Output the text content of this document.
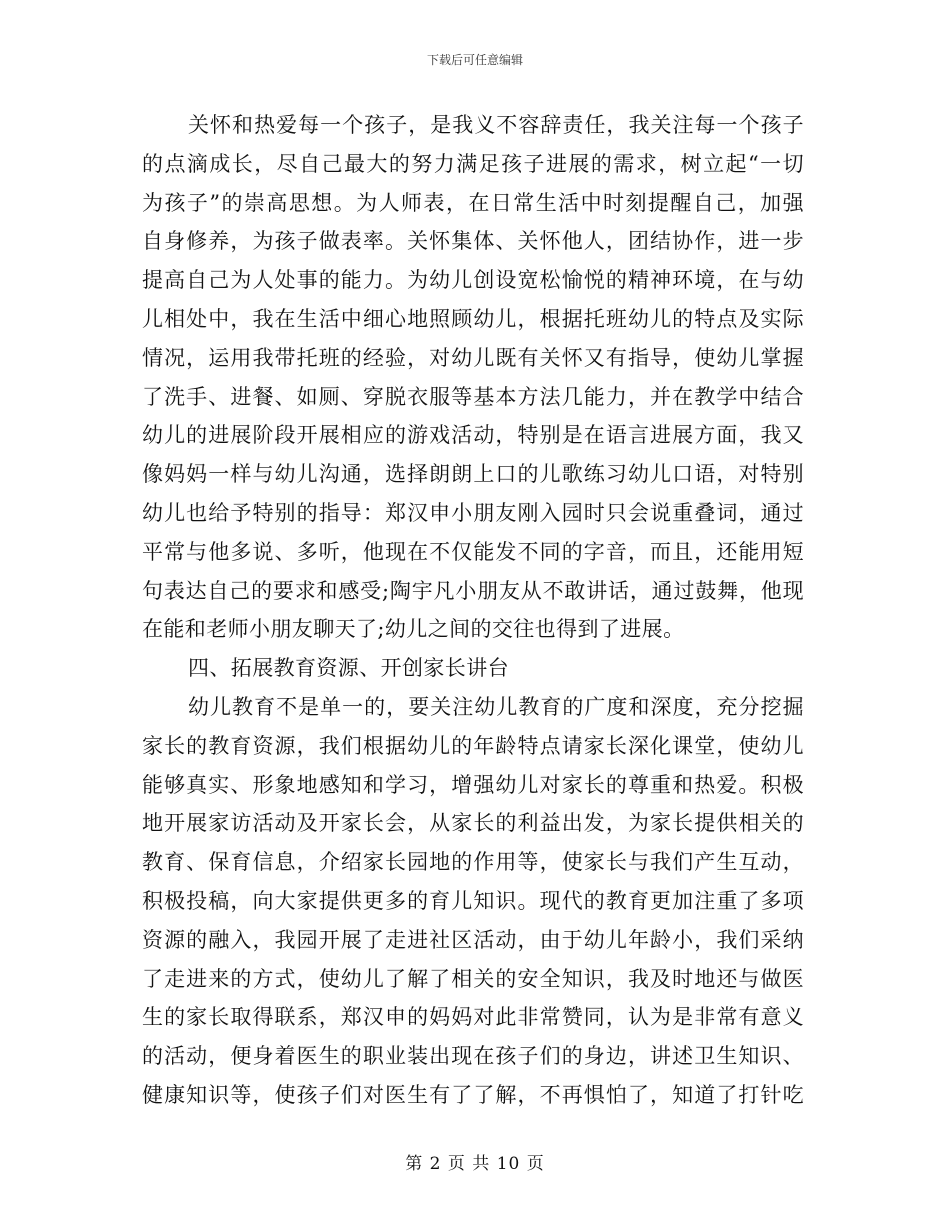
下载后可任意编辑
关怀和热爱每一个孩子，是我义不容辞责任，我关注每一个孩子
的点滴成长，尽自己最大的努力满足孩子进展的需求，树立起“一切
为孩子”的崇高思想。为人师表，在日常生活中时刻提醒自己，加强
自身修养，为孩子做表率。关怀集体、关怀他人，团结协作，进一步
提高自己为人处事的能力。为幼儿创设宽松愉悦的精神环境，在与幼
儿相处中，我在生活中细心地照顾幼儿，根据托班幼儿的特点及实际
情况，运用我带托班的经验，对幼儿既有关怀又有指导，使幼儿掌握
了洗手、进餐、如厕、穿脱衣服等基本方法几能力，并在教学中结合
幼儿的进展阶段开展相应的游戏活动，特别是在语言进展方面，我又
像妈妈一样与幼儿沟通，选择朗朗上口的儿歌练习幼儿口语，对特别
幼儿也给予特别的指导：郑汉申小朋友刚入园时只会说重叠词，通过
平常与他多说、多听，他现在不仅能发不同的字音，而且，还能用短
句表达自己的要求和感受;陶宇凡小朋友从不敢讲话，通过鼓舞，他现
在能和老师小朋友聊天了;幼儿之间的交往也得到了进展。
四、拓展教育资源、开创家长讲台
幼儿教育不是单一的，要关注幼儿教育的广度和深度，充分挖掘
家长的教育资源，我们根据幼儿的年龄特点请家长深化课堂，使幼儿
能够真实、形象地感知和学习，增强幼儿对家长的尊重和热爱。积极
地开展家访活动及开家长会，从家长的利益出发，为家长提供相关的
教育、保育信息，介绍家长园地的作用等，使家长与我们产生互动，
积极投稿，向大家提供更多的育儿知识。现代的教育更加注重了多项
资源的融入，我园开展了走进社区活动，由于幼儿年龄小，我们采纳
了走进来的方式，使幼儿了解了相关的安全知识，我及时地还与做医
生的家长取得联系，郑汉申的妈妈对此非常赞同，认为是非常有意义
的活动，便身着医生的职业装出现在孩子们的身边，讲述卫生知识、
健康知识等，使孩子们对医生有了了解，不再惧怕了，知道了打针吃
第 2 页 共 10 页
